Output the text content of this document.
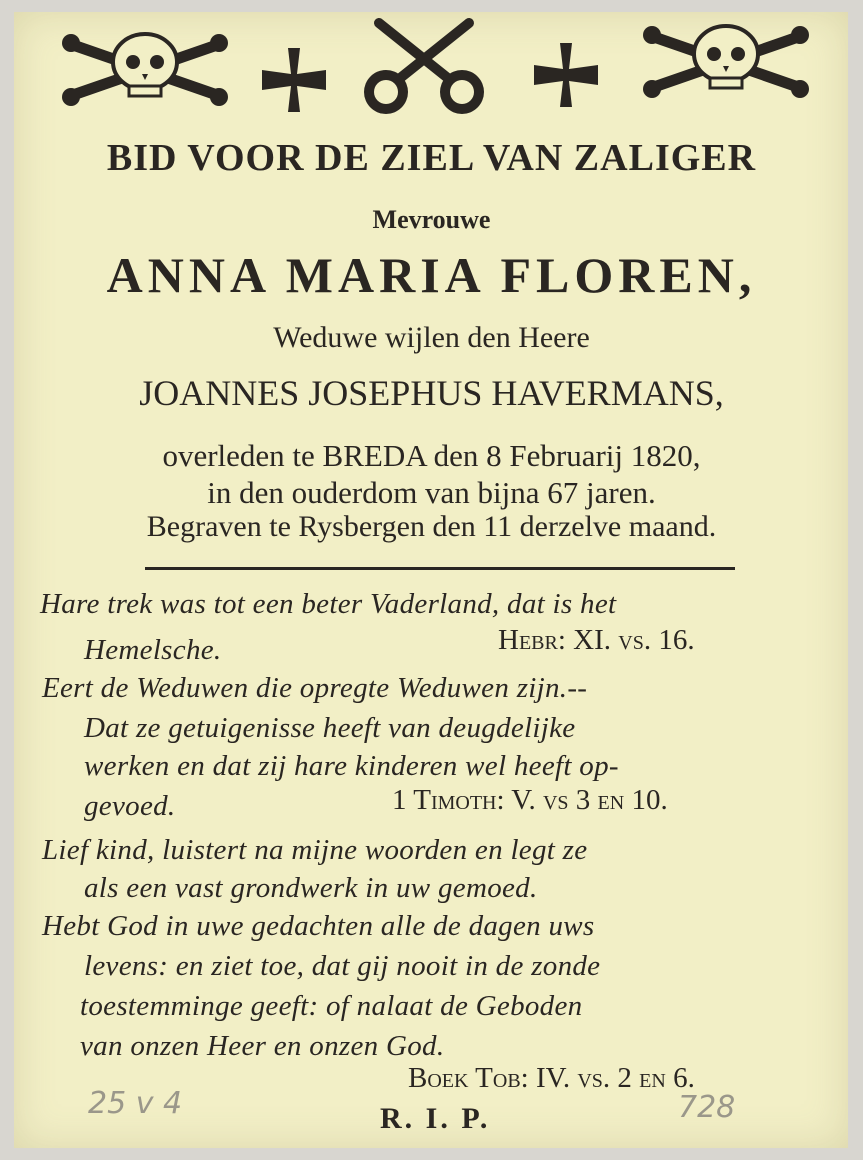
BID VOOR DE ZIEL VAN ZALIGER
Mevrouwe
ANNA MARIA FLOREN,
Weduwe wijlen den Heere
JOANNES JOSEPHUS HAVERMANS,
overleden te BREDA den 8 Februarij 1820,
in den ouderdom van bijna 67 jaren.
Begraven te Rysbergen den 11 derzelve maand.
Hare trek was tot een beter Vaderland, dat is het
Hemelsche.	Hebr: XI. vs. 16.
Eert de Weduwen die opregte Weduwen zijn.--
Dat ze getuigenisse heeft van deugdelijke
werken en dat zij hare kinderen wel heeft op-
gevoed.	1 Timoth: V. vs 3 en 10.
Lief kind, luistert na mijne woorden en legt ze
als een vast grondwerk in uw gemoed.
Hebt God in uwe gedachten alle de dagen uws
levens: en ziet toe, dat gij nooit in de zonde
toestemminge geeft: of nalaat de Geboden
van onzen Heer en onzen God.
Boek Tob: IV. vs. 2 en 6.
R. I. P.
25 v 4	728
